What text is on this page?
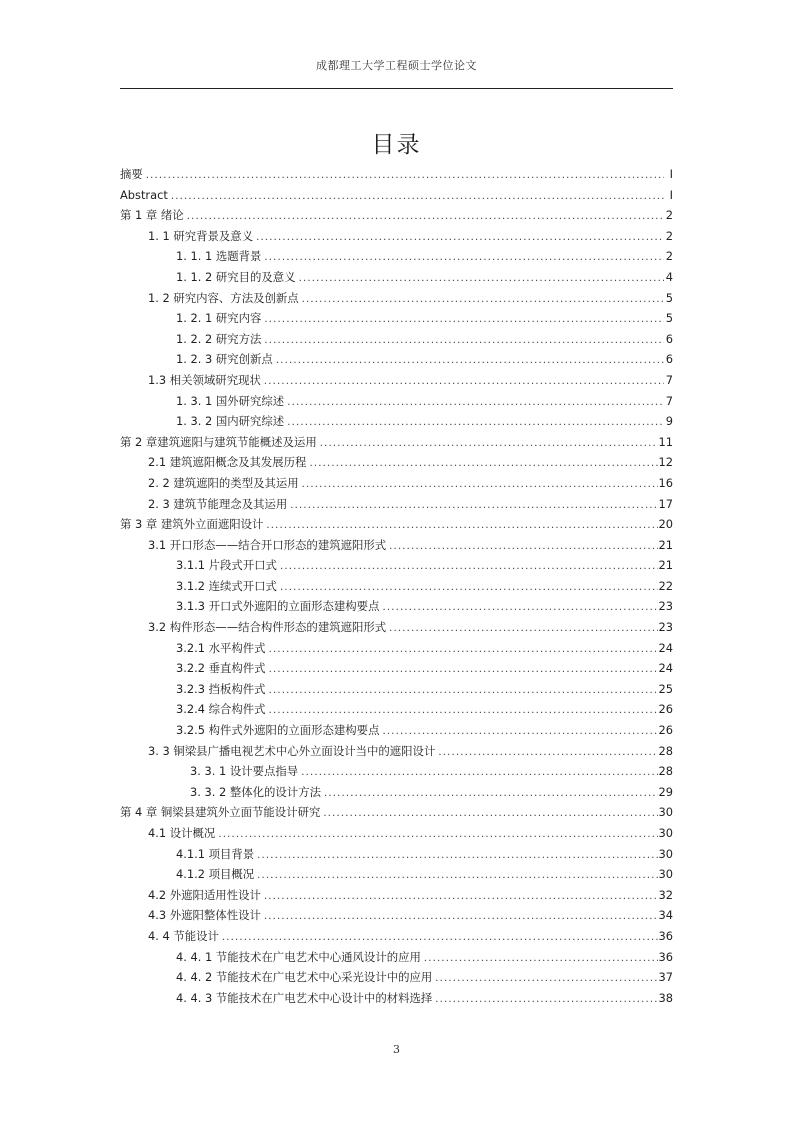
成都理工大学工程硕士学位论文
目录
摘要 .....	I
Abstract .....	I
第 1 章 绪论 .....	2
1. 1 研究背景及意义 .....	2
1. 1. 1 选题背景 .....	2
1. 1. 2 研究目的及意义 .....	4
1. 2 研究内容、方法及创新点 .....	5
1. 2. 1 研究内容 .....	5
1. 2. 2 研究方法 .....	6
1. 2. 3 研究创新点 .....	6
1.3 相关领域研究现状 .....	7
1. 3. 1 国外研究综述 .....	7
1. 3. 2 国内研究综述 .....	9
第 2 章建筑遮阳与建筑节能概述及运用 .....	11
2.1 建筑遮阳概念及其发展历程 .....	12
2. 2 建筑遮阳的类型及其运用 .....	16
2. 3 建筑节能理念及其运用 .....	17
第 3 章 建筑外立面遮阳设计 .....	20
3.1 开口形态——结合开口形态的建筑遮阳形式 .....	21
3.1.1 片段式开口式 .....	21
3.1.2 连续式开口式 .....	22
3.1.3 开口式外遮阳的立面形态建构要点 .....	23
3.2 构件形态——结合构件形态的建筑遮阳形式 .....	23
3.2.1 水平构件式 .....	24
3.2.2 垂直构件式 .....	24
3.2.3 挡板构件式 .....	25
3.2.4 综合构件式 .....	26
3.2.5 构件式外遮阳的立面形态建构要点 .....	26
3. 3 铜梁县广播电视艺术中心外立面设计当中的遮阳设计 .....	28
3. 3. 1 设计要点指导 .....	28
3. 3. 2 整体化的设计方法 .....	29
第 4 章 铜梁县建筑外立面节能设计研究 .....	30
4.1 设计概况 .....	30
4.1.1 项目背景 .....	30
4.1.2 项目概况 .....	30
4.2 外遮阳适用性设计 .....	32
4.3 外遮阳整体性设计 .....	34
4. 4 节能设计 .....	36
4. 4. 1 节能技术在广电艺术中心通风设计的应用 .....	36
4. 4. 2 节能技术在广电艺术中心采光设计中的应用 .....	37
4. 4. 3 节能技术在广电艺术中心设计中的材料选择 .....	38
3
